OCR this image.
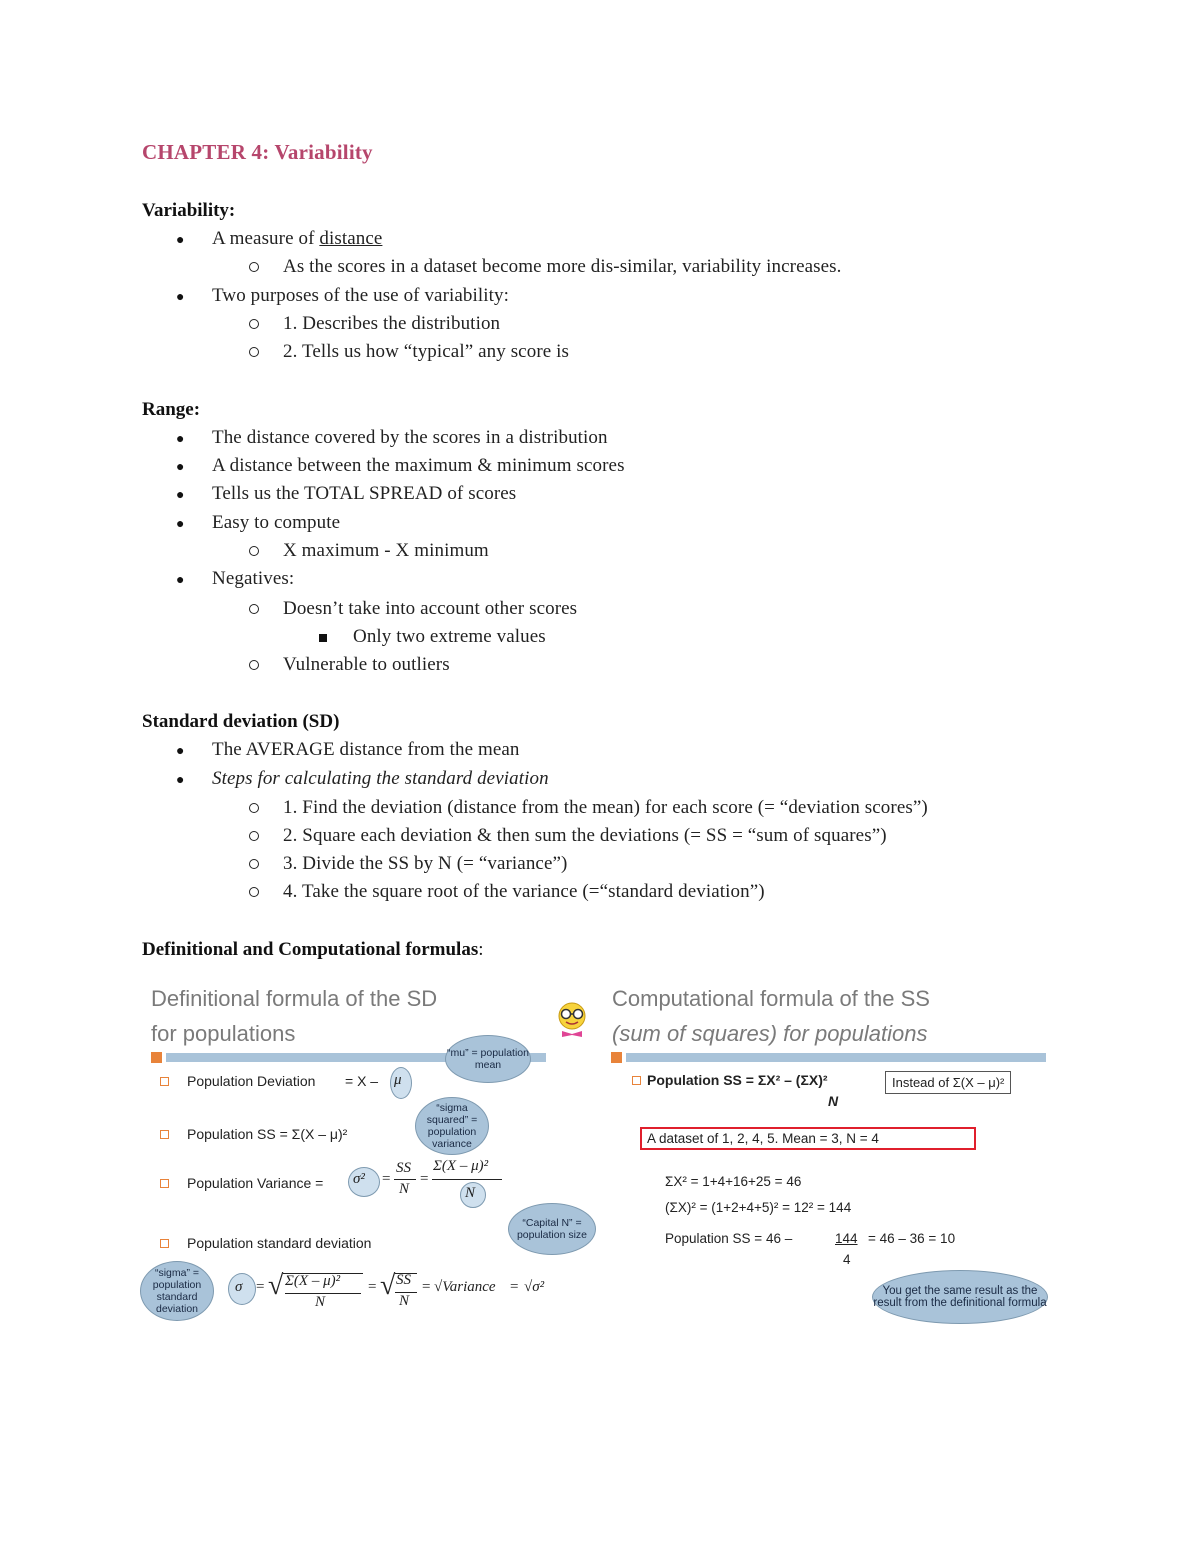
CHAPTER 4: Variability
Variability:
● A measure of distance
As the scores in a dataset become more dis-similar, variability increases.
● Two purposes of the use of variability:
1. Describes the distribution
2. Tells us how “typical” any score is
Range:
● The distance covered by the scores in a distribution
● A distance between the maximum & minimum scores
● Tells us the TOTAL SPREAD of scores
● Easy to compute
X maximum - X minimum
● Negatives:
Doesn’t take into account other scores
Only two extreme values
Vulnerable to outliers
Standard deviation (SD)
● The AVERAGE distance from the mean
● Steps for calculating the standard deviation
1. Find the deviation (distance from the mean) for each score (= “deviation scores”)
2. Square each deviation & then sum the deviations (= SS = “sum of squares”)
3. Divide the SS by N (= “variance”)
4. Take the square root of the variance (=“standard deviation”)
Definitional and Computational formulas:
Definitional formula of the SD
for populations
Computational formula of the SS
(sum of squares) for populations
Population Deviation = X – μ
“mu” = population mean
Population SS = Σ(X – μ)²
“sigma squared” = population variance
Population Variance = σ² =
SS
N
=
Σ(X – μ)²
N
“Capital N” = population size
Population standard deviation
“sigma” = population standard deviation
σ = √ Σ(X – μ)²
N
= √ SS
N
= √Variance = √σ²
Population SS = ΣX² – (ΣX)²
N
Instead of Σ(X – μ)²
A dataset of 1, 2, 4, 5. Mean = 3, N = 4
ΣX² = 1+4+16+25 = 46
(ΣX)² = (1+2+4+5)² = 12² = 144
Population SS = 46 –	144 = 46 – 36 = 10
4
You get the same result as the result from the definitional formula
